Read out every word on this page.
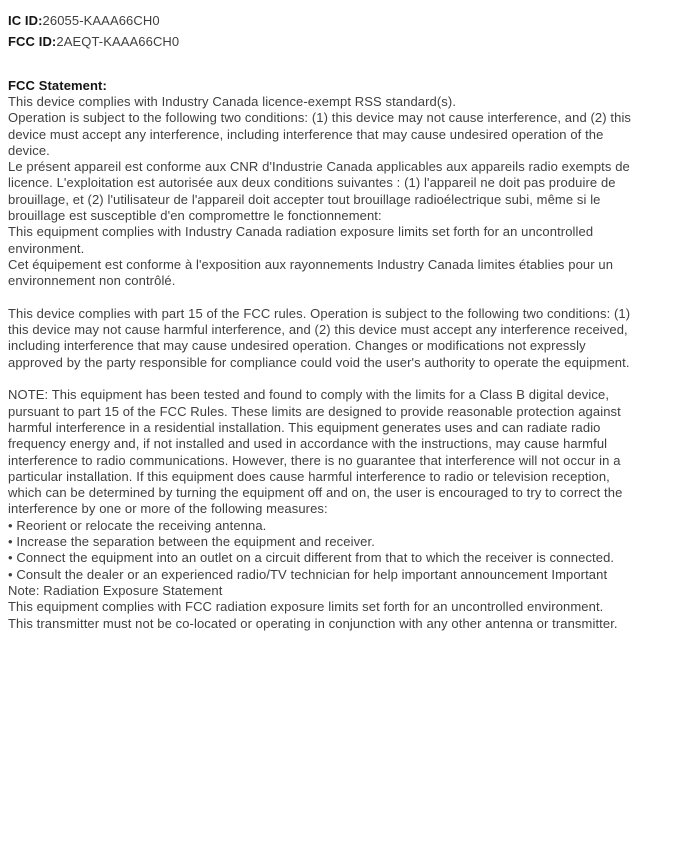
IC ID:26055-KAAA66CH0
FCC ID:2AEQT-KAAA66CH0
FCC Statement:
This device complies with Industry Canada licence-exempt RSS standard(s).
Operation is subject to the following two conditions: (1) this device may not cause interference, and (2) this
device must accept any interference, including interference that may cause undesired operation of the
device.
Le présent appareil est conforme aux CNR d'Industrie Canada applicables aux appareils radio exempts de
licence. L'exploitation est autorisée aux deux conditions suivantes : (1) l'appareil ne doit pas produire de
brouillage, et (2) l'utilisateur de l'appareil doit accepter tout brouillage radioélectrique subi, même si le
brouillage est susceptible d'en compromettre le fonctionnement:
This equipment complies with Industry Canada radiation exposure limits set forth for an uncontrolled
environment.
Cet équipement est conforme à l'exposition aux rayonnements Industry Canada limites établies pour un
environnement non contrôlé.

This device complies with part 15 of the FCC rules. Operation is subject to the following two conditions: (1)
this device may not cause harmful interference, and (2) this device must accept any interference received,
including interference that may cause undesired operation. Changes or modifications not expressly
approved by the party responsible for compliance could void the user's authority to operate the equipment.

NOTE: This equipment has been tested and found to comply with the limits for a Class B digital device,
pursuant to part 15 of the FCC Rules. These limits are designed to provide reasonable protection against
harmful interference in a residential installation. This equipment generates uses and can radiate radio
frequency energy and, if not installed and used in accordance with the instructions, may cause harmful
interference to radio communications. However, there is no guarantee that interference will not occur in a
particular installation. If this equipment does cause harmful interference to radio or television reception,
which can be determined by turning the equipment off and on, the user is encouraged to try to correct the
interference by one or more of the following measures:
• Reorient or relocate the receiving antenna.
• Increase the separation between the equipment and receiver.
• Connect the equipment into an outlet on a circuit different from that to which the receiver is connected.
• Consult the dealer or an experienced radio/TV technician for help important announcement Important
Note: Radiation Exposure Statement
This equipment complies with FCC radiation exposure limits set forth for an uncontrolled environment.
This transmitter must not be co-located or operating in conjunction with any other antenna or transmitter.
